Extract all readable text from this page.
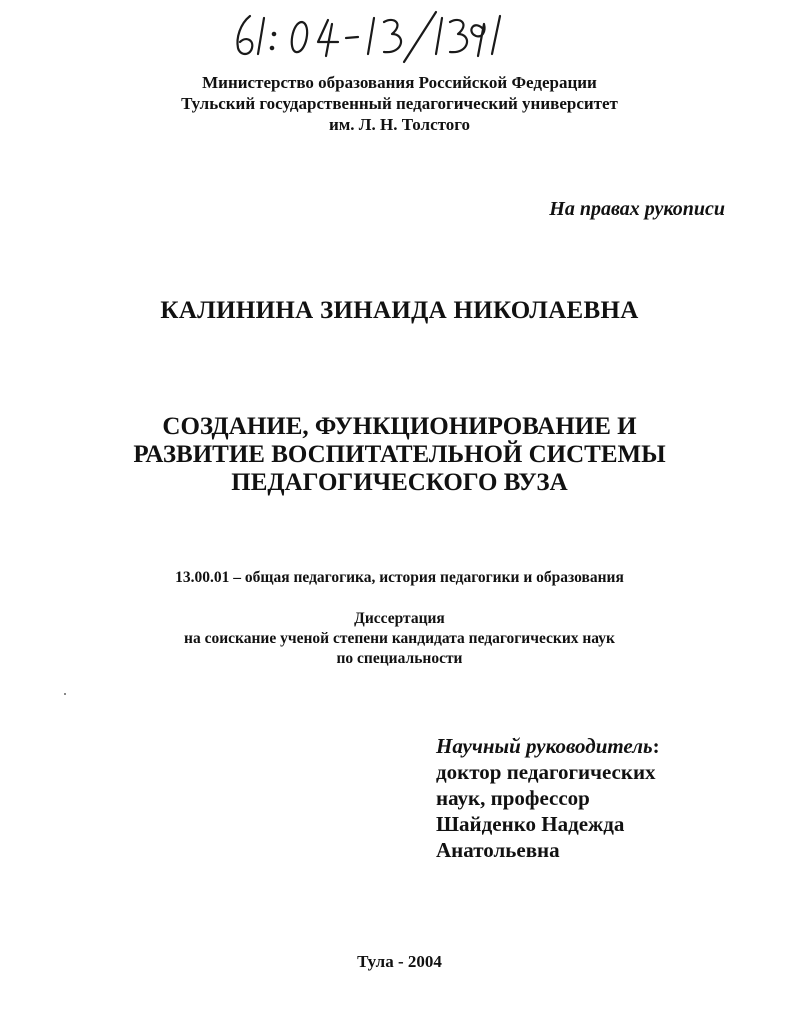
Министерство образования Российской Федерации
Тульский государственный педагогический университет
им. Л. Н. Толстого
На правах рукописи
КАЛИНИНА ЗИНАИДА НИКОЛАЕВНА
СОЗДАНИЕ, ФУНКЦИОНИРОВАНИЕ И
РАЗВИТИЕ ВОСПИТАТЕЛЬНОЙ СИСТЕМЫ
ПЕДАГОГИЧЕСКОГО ВУЗА
13.00.01 – общая педагогика, история педагогики и образования
Диссертация
на соискание ученой степени кандидата педагогических наук
по специальности
Научный руководитель:
доктор педагогических
наук, профессор
Шайденко Надежда
Анатольевна
Тула - 2004
